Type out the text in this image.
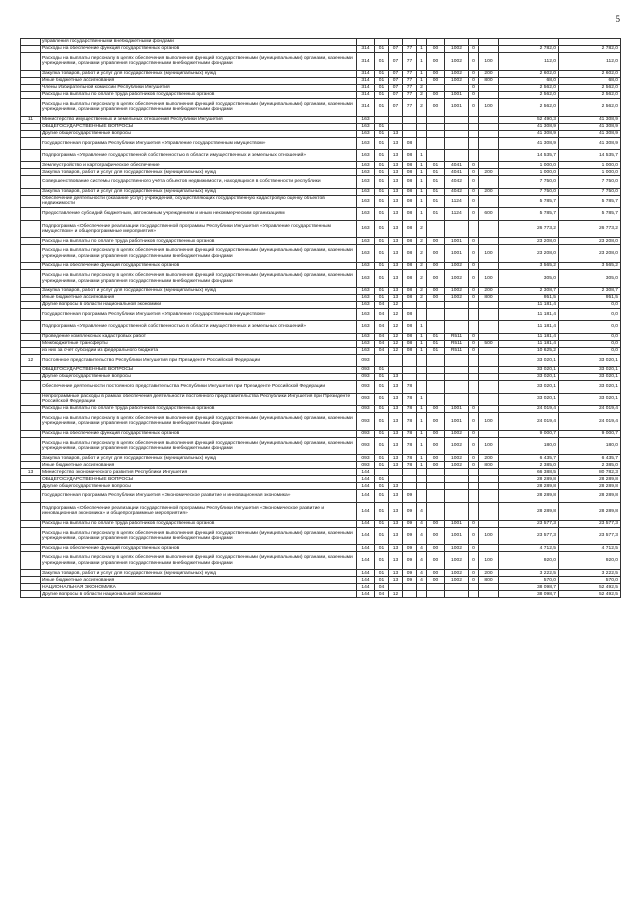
5
	управления государственными внебюджетными фондами											
	Расходы на обеспечение функций государственных органов	314	01	07	77	1	00	1002	0		2 782,0	2 782,0
	Расходы на выплаты персоналу в целях обеспечения выполнения функций государственными (муниципальными) органами, казенными учреждениями, органами управления государственными внебюджетными фондами	314	01	07	77	1	00	1002	0	100	112,0	112,0
	Закупка товаров, работ и услуг для государственных (муниципальных) нужд	314	01	07	77	1	00	1002	0	200	2 602,0	2 602,0
	Иные бюджетные ассигнования	314	01	07	77	1	00	1002	0	800	68,0	68,0
	Члены Избирательной комиссии Республики Ингушетия	314	01	07	77	2			0		2 562,0	2 562,0
	Расходы на выплаты по оплате труда работников государственных органов	314	01	07	77	2	00	1001	0		2 562,0	2 562,0
	Расходы на выплаты персоналу в целях обеспечения выполнения функций государственными (муниципальными) органами, казенными учреждениями, органами управления государственными внебюджетными фондами	314	01	07	77	2	00	1001	0	100	2 562,0	2 562,0
11	Министерство имущественных и земельных отношений Республики Ингушетия	163									52 490,3	41 308,9
	ОБЩЕГОСУДАРСТВЕННЫЕ ВОПРОСЫ	163	01								41 308,9	41 308,9
	Другие общегосударственные вопросы	163	01	13							41 308,9	41 308,9
	Государственная программа Республики Ингушетия «Управление государственным имуществом»	163	01	13	08						41 308,9	41 308,9
	Подпрограмма «Управление государственной собственностью в области имущественных и земельных отношений»	163	01	13	08	1					14 535,7	14 535,7
	Землеустройство и картографическое обеспечение	163	01	13	08	1	01	4041	0		1 000,0	1 000,0
	Закупка товаров, работ и услуг для государственных (муниципальных) нужд	163	01	13	08	1	01	4041	0	200	1 000,0	1 000,0
	Совершенствование системы государственного учёта объектов недвижимости, находящихся в собственности республики	163	01	13	08	1	01	4042	0		7 750,0	7 750,0
	Закупка товаров, работ и услуг для государственных (муниципальных) нужд	163	01	13	08	1	01	4042	0	200	7 750,0	7 750,0
	Обеспечение деятельности (оказание услуг) учреждений, осуществляющих государственную кадастровую оценку объектов недвижимости	163	01	13	08	1	01	1124	0		5 785,7	5 785,7
	Предоставление субсидий бюджетным, автономным учреждениям и иным некоммерческим организациям	163	01	13	08	1	01	1124	0	600	5 785,7	5 785,7
	Подпрограмма «Обеспечение реализации государственной программы Республики Ингушетия «Управление государственным имуществом» и общепрограммные мероприятия»	163	01	13	08	2					26 773,2	26 773,2
	Расходы на выплаты по оплате труда работников государственных органов	163	01	13	08	2	00	1001	0		23 208,0	23 208,0
	Расходы на выплаты персоналу в целях обеспечения выполнения функций государственными (муниципальными) органами, казенными учреждениями, органами управления государственными внебюджетными фондами	163	01	13	08	2	00	1001	0	100	23 208,0	23 208,0
	Расходы на обеспечение функций государственных органов	163	01	13	08	2	00	1002	0		3 565,2	3 565,2
	Расходы на выплаты персоналу в целях обеспечения выполнения функций государственными (муниципальными) органами, казенными учреждениями, органами управления государственными внебюджетными фондами	163	01	13	08	2	00	1002	0	100	305,0	305,0
	Закупка товаров, работ и услуг для государственных (муниципальных) нужд	163	01	13	08	2	00	1002	0	200	2 308,7	2 308,7
	Иные бюджетные ассигнования	163	01	13	08	2	00	1002	0	800	951,5	951,5
	Другие вопросы в области национальной экономики	163	04	12							11 181,4	0,0
	Государственная программа Республики Ингушетия «Управление государственным имуществом»	163	04	12	08						11 181,4	0,0
	Подпрограмма «Управление государственной собственностью в области имущественных и земельных отношений»	163	04	12	08	1					11 181,4	0,0
	Проведение комплексных кадастровых работ	163	04	12	08	1	01	R511	0		11 181,4	0,0
	Межбюджетные трансферты	163	04	12	08	1	01	R511	0	500	11 181,4	0,0
	из них за счет субсидии из федерального бюджета	163	04	12	08	1	01	R511	0		10 625,2	0,0
12	Постоянное представительство Республики Ингушетия при Президенте Российской Федерации	093									33 020,1	33 020,1
	ОБЩЕГОСУДАРСТВЕННЫЕ ВОПРОСЫ	093	01								33 020,1	33 020,1
	Другие общегосударственные вопросы	093	01	13							33 020,1	33 020,1
	Обеспечение деятельности постоянного представительства Республики Ингушетия при Президенте Российской Федерации	093	01	13	78						33 020,1	33 020,1
	Непрограммные расходы в рамках обеспечения деятельности постоянного представительства Республики Ингушетия при Президенте Российской Федерации	093	01	13	78	1					33 020,1	33 020,1
	Расходы на выплаты по оплате труда работников государственных органов	093	01	13	78	1	00	1001	0		24 019,4	24 019,4
	Расходы на выплаты персоналу в целях обеспечения выполнения функций государственными (муниципальными) органами, казенными учреждениями, органами управления государственными внебюджетными фондами	093	01	13	78	1	00	1001	0	100	24 019,4	24 019,4
	Расходы на обеспечение функций государственных органов	093	01	13	78	1	00	1002	0		9 000,7	9 000,7
	Расходы на выплаты персоналу в целях обеспечения выполнения функций государственными (муниципальными) органами, казенными учреждениями, органами управления государственными внебюджетными фондами	093	01	13	78	1	00	1002	0	100	180,0	180,0
	Закупка товаров, работ и услуг для государственных (муниципальных) нужд	093	01	13	78	1	00	1002	0	200	6 435,7	6 435,7
	Иные бюджетные ассигнования	093	01	13	78	1	00	1002	0	800	2 385,0	2 385,0
13	Министерство экономического развития Республики Ингушетия	144									66 388,5	80 782,3
	ОБЩЕГОСУДАРСТВЕННЫЕ ВОПРОСЫ	144	01								28 289,8	28 289,8
	Другие общегосударственные вопросы	144	01	13							28 289,8	28 289,8
	Государственная программа Республики Ингушетия «Экономическое развитие и инновационная экономика»	144	01	13	09						28 289,8	28 289,8
	Подпрограмма «Обеспечение реализации государственной программы Республики Ингушетия «Экономическое развитие и инновационная экономика» и общепрограммные мероприятия»	144	01	13	09	4					28 289,8	28 289,8
	Расходы на выплаты по оплате труда работников государственных органов	144	01	13	09	4	00	1001	0		23 577,3	23 577,3
	Расходы на выплаты персоналу в целях обеспечения выполнения функций государственными (муниципальными) органами, казенными учреждениями, органами управления государственными внебюджетными фондами	144	01	13	09	4	00	1001	0	100	23 577,3	23 577,3
	Расходы на обеспечение функций государственных органов	144	01	13	09	4	00	1002	0		4 712,5	4 712,5
	Расходы на выплаты персоналу в целях обеспечения выполнения функций государственными (муниципальными) органами, казенными учреждениями, органами управления государственными внебюджетными фондами	144	01	13	09	4	00	1002	0	100	920,0	920,0
	Закупка товаров, работ и услуг для государственных (муниципальных) нужд	144	01	13	09	4	00	1002	0	200	3 222,5	3 222,5
	Иные бюджетные ассигнования	144	01	13	09	4	00	1002	0	800	570,0	570,0
	НАЦИОНАЛЬНАЯ ЭКОНОМИКА	144	04								38 098,7	52 492,5
	Другие вопросы в области национальной экономики	144	04	12							38 098,7	52 492,5
